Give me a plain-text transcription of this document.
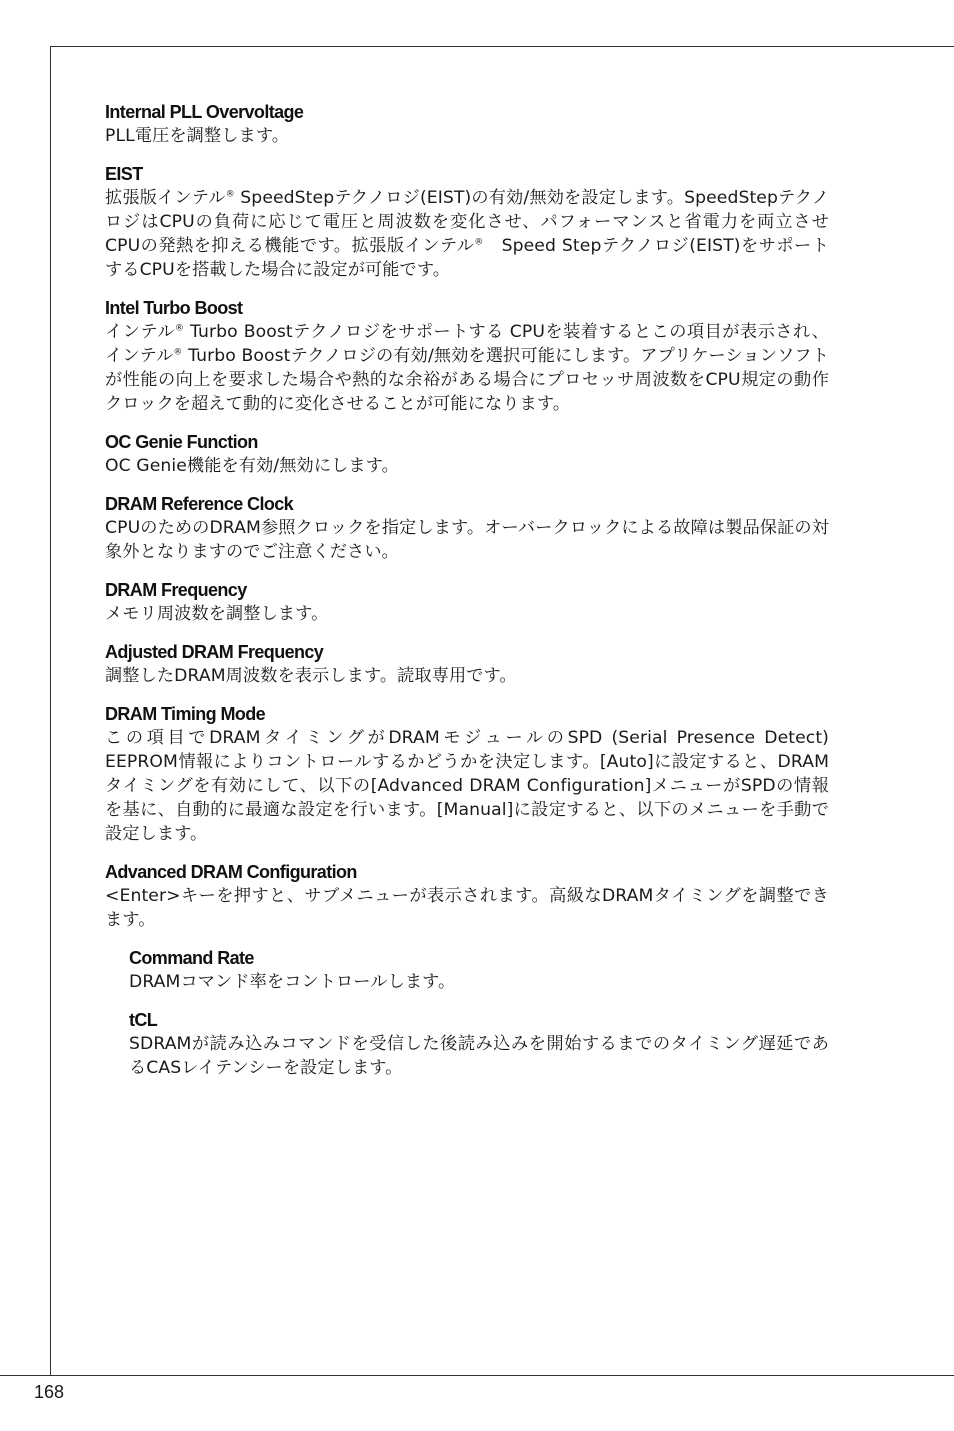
Internal PLL Overvoltage
PLL電圧を調整します。
EIST
拡張版インテル® SpeedStepテクノロジ(EIST)の有効/無効を設定します。SpeedStepテクノロジはCPUの負荷に応じて電圧と周波数を変化させ、パフォーマンスと省電力を両立させCPUの発熱を抑える機能です。拡張版インテル®　Speed Stepテクノロジ(EIST)をサポートするCPUを搭載した場合に設定が可能です。
Intel Turbo Boost
インテル® Turbo Boostテクノロジをサポートする CPUを装着するとこの項目が表示され、インテル® Turbo Boostテクノロジの有効/無効を選択可能にします。アプリケーションソフトが性能の向上を要求した場合や熱的な余裕がある場合にプロセッサ周波数をCPU規定の動作クロックを超えて動的に変化させることが可能になります。
OC Genie Function
OC Genie機能を有効/無効にします。
DRAM Reference Clock
CPUのためのDRAM参照クロックを指定します。オーバークロックによる故障は製品保証の対象外となりますのでご注意ください。
DRAM Frequency
メモリ周波数を調整します。
Adjusted DRAM Frequency
調整したDRAM周波数を表示します。読取専用です。
DRAM Timing Mode
この項目でDRAMタイミングがDRAMモジュールのSPD (Serial Presence Detect) EEPROM情報によりコントロールするかどうかを決定します。[Auto]に設定すると、DRAMタイミングを有効にして、以下の[Advanced DRAM Configuration]メニューがSPDの情報を基に、自動的に最適な設定を行います。[Manual]に設定すると、以下のメニューを手動で設定します。
Advanced DRAM Configuration
<Enter>キーを押すと、サブメニューが表示されます。高級なDRAMタイミングを調整できます。
Command Rate
DRAMコマンド率をコントロールします。
tCL
SDRAMが読み込みコマンドを受信した後読み込みを開始するまでのタイミング遅延であるCASレイテンシーを設定します。
168
